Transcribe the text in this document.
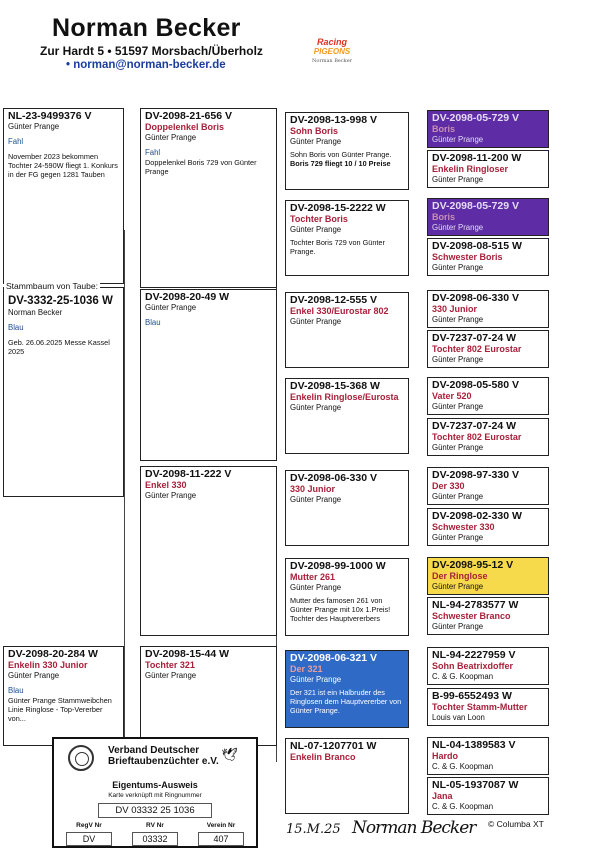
Norman Becker
Zur Hardt 5 • 51597 Morsbach/Überholz
• norman@norman-becker.de
Racing
PIGEONS
Norman Becker
NL-23-9499376 V
Günter Prange
Fahl
November 2023 bekommen Tochter 24-590W fliegt 1. Konkurs in der FG gegen 1281 Tauben
DV-3332-25-1036 W
Norman Becker
Blau
Geb. 26.06.2025 Messe Kassel 2025
Stammbaum von Taube:
DV-2098-20-284 W
Enkelin 330 Junior
Günter Prange
Blau
Günter Prange Stammweibchen Linie Ringlose - Top-Vererber von...
DV-2098-21-656 V
Doppelenkel Boris
Günter Prange
Fahl
Doppelenkel Boris 729 von Günter Prange
DV-2098-20-49 W
Günter Prange
Blau
DV-2098-11-222 V
Enkel 330
Günter Prange
DV-2098-15-44 W
Tochter 321
Günter Prange
DV-2098-13-998 V
Sohn Boris
Günter Prange
Sohn Boris von Günter Prange.
Boris 729 fliegt 10 / 10 Preise
DV-2098-15-2222 W
Tochter Boris
Günter Prange
Tochter Boris 729 von Günter Prange.
DV-2098-12-555 V
Enkel 330/Eurostar 802
Günter Prange
DV-2098-15-368 W
Enkelin Ringlose/Eurosta
Günter Prange
DV-2098-06-330 V
330 Junior
Günter Prange
DV-2098-99-1000 W
Mutter 261
Günter Prange
Mutter des famosen 261 von Günter Prange mit 10x 1.Preis! Tochter des Hauptvererbers
DV-2098-06-321 V
Der 321
Günter Prange
Der 321 ist ein Halbruder des Ringlosen dem Hauptvererber von Günter Prange.
NL-07-1207701 W
Enkelin Branco
DV-2098-05-729 V
Boris
Günter Prange
DV-2098-11-200 W
Enkelin Ringloser
Günter Prange
DV-2098-05-729 V
Boris
Günter Prange
DV-2098-08-515 W
Schwester Boris
Günter Prange
DV-2098-06-330 V
330 Junior
Günter Prange
DV-7237-07-24 W
Tochter 802 Eurostar
Günter Prange
DV-2098-05-580 V
Vater 520
Günter Prange
DV-7237-07-24 W
Tochter 802 Eurostar
Günter Prange
DV-2098-97-330 V
Der 330
Günter Prange
DV-2098-02-330 W
Schwester 330
Günter Prange
DV-2098-95-12 V
Der Ringlose
Günter Prange
NL-94-2783577 W
Schwester Branco
Günter Prange
NL-94-2227959 V
Sohn Beatrixdoffer
C. & G. Koopman
B-99-6552493 W
Tochter Stamm-Mutter
Louis van Loon
NL-04-1389583 V
Hardo
C. & G. Koopman
NL-05-1937087 W
Jana
C. & G. Koopman
Verband Deutscher
Brieftaubenzüchter e.V. 🕊
Eigentums-Ausweis
Karte verknüpft mit Ringnummer
DV 03332 25 1036
RegV Nr	RV Nr	Verein Nr
DV	03332	407
15.M.25 Norman Becker © Columba XT
